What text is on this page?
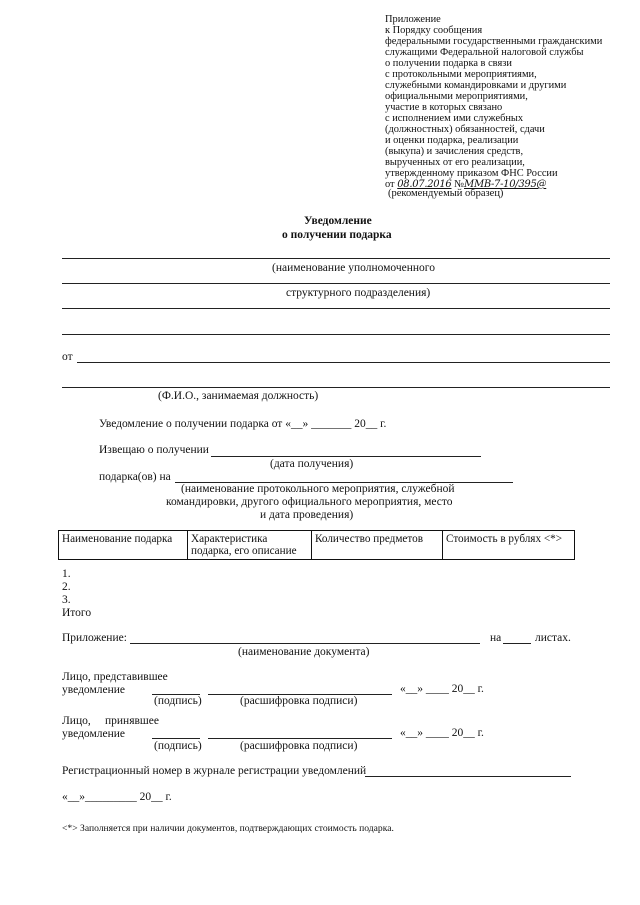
Приложение
к Порядку сообщения
федеральными государственными гражданскими
служащими Федеральной налоговой службы
о получении подарка в связи
с протокольными мероприятиями,
служебными командировками и другими
официальными мероприятиями,
участие в которых связано
с исполнением ими служебных
(должностных) обязанностей, сдачи
и оценки подарка, реализации
(выкупа) и зачисления средств,
вырученных от его реализации,
утвержденному приказом ФНС России
от 08.07.2016 №ММВ-7-10/395@
(рекомендуемый образец)
Уведомление
о получении подарка
(наименование уполномоченного
структурного подразделения)
от
(Ф.И.О., занимаемая должность)
Уведомление о получении подарка от «__» _______ 20__ г.
Извещаю о получении
(дата получения)
подарка(ов) на
(наименование протокольного мероприятия, служебной
командировки, другого официального мероприятия, место
и дата проведения)
Наименование подарка	Характеристика подарка, его описание	Количество предметов	Стоимость в рублях <*>
1.
2.
3.
Итого
Приложение:	на	листах.
(наименование документа)
Лицо, представившее
уведомление	«__» ____ 20__ г.
(подпись)	(расшифровка подписи)
Лицо, принявшее
уведомление	«__» ____ 20__ г.
(подпись)	(расшифровка подписи)
Регистрационный номер в журнале регистрации уведомлений
«__»_________ 20__ г.
<*> Заполняется при наличии документов, подтверждающих стоимость подарка.
